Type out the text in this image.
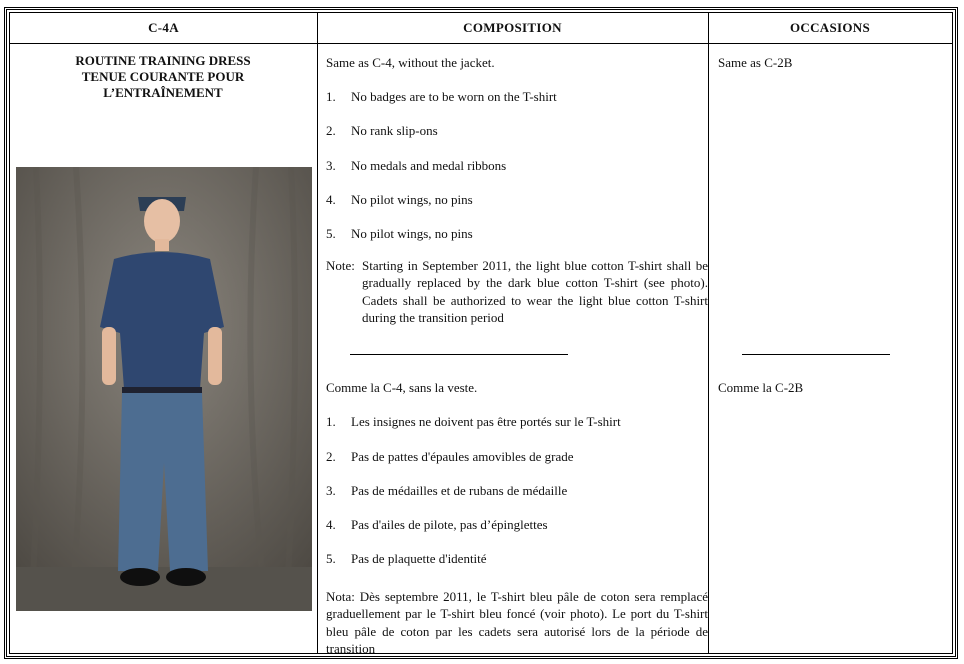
C-4A	COMPOSITION	OCCASIONS
ROUTINE TRAINING DRESS
TENUE COURANTE POUR
L’ENTRAÎNEMENT
Same as C-4, without the jacket.
1. No badges are to be worn on the T-shirt
2. No rank slip-ons
3. No medals and medal ribbons
4. No pilot wings, no pins
5. No pilot wings, no pins
Note: Starting in September 2011, the light blue cotton T-shirt shall be gradually replaced by the dark blue cotton T-shirt (see photo). Cadets shall be authorized to wear the light blue cotton T-shirt during the transition period
Comme la C-4, sans la veste.
1. Les insignes ne doivent pas être portés sur le T-shirt
2. Pas de pattes d'épaules amovibles de grade
3. Pas de médailles et de rubans de médaille
4. Pas d'ailes de pilote, pas d’épinglettes
5. Pas de plaquette d'identité
Nota: Dès septembre 2011, le T-shirt bleu pâle de coton sera remplacé graduellement par le T-shirt bleu foncé (voir photo). Le port du T-shirt bleu pâle de coton par les cadets sera autorisé lors de la période de transition
Same as C-2B
Comme la C-2B
